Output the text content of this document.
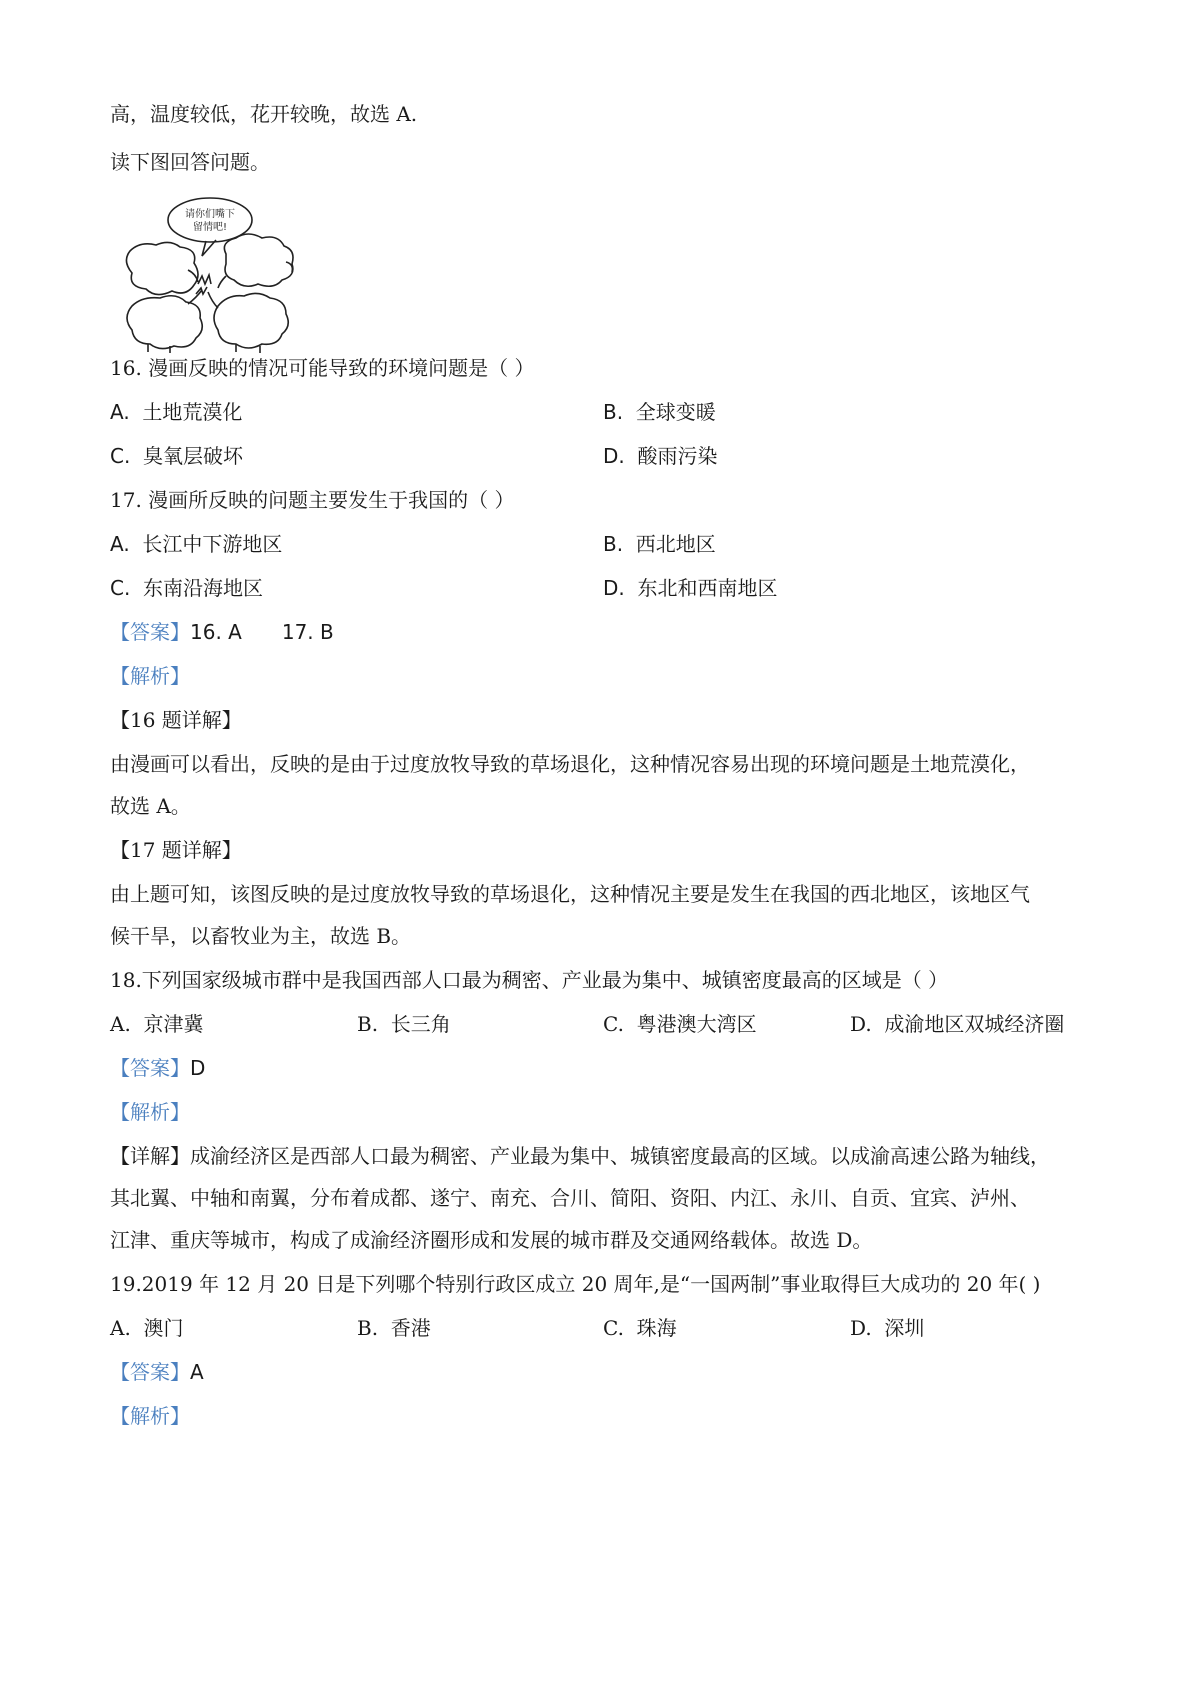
高，温度较低，花开较晚，故选 A.
读下图回答问题。
请你们嘴下
留情吧!
16. 漫画反映的情况可能导致的环境问题是（ ）
A. 土地荒漠化	B. 全球变暖
C. 臭氧层破坏	D. 酸雨污染
17. 漫画所反映的问题主要发生于我国的（ ）
A. 长江中下游地区	B. 西北地区
C. 东南沿海地区	D. 东北和西南地区
【答案】16. A 17. B
【解析】
【16 题详解】
由漫画可以看出，反映的是由于过度放牧导致的草场退化，这种情况容易出现的环境问题是土地荒漠化，
故选 A。
【17 题详解】
由上题可知，该图反映的是过度放牧导致的草场退化，这种情况主要是发生在我国的西北地区，该地区气
候干旱，以畜牧业为主，故选 B。
18.下列国家级城市群中是我国西部人口最为稠密、产业最为集中、城镇密度最高的区域是（ ）
A. 京津冀	B. 长三角	C. 粤港澳大湾区	D. 成渝地区双城经济圈
【答案】D
【解析】
【详解】成渝经济区是西部人口最为稠密、产业最为集中、城镇密度最高的区域。以成渝高速公路为轴线，
其北翼、中轴和南翼，分布着成都、遂宁、南充、合川、简阳、资阳、内江、永川、自贡、宜宾、泸州、
江津、重庆等城市，构成了成渝经济圈形成和发展的城市群及交通网络载体。故选 D。
19.2019 年 12 月 20 日是下列哪个特别行政区成立 20 周年,是“一国两制”事业取得巨大成功的 20 年( )
A. 澳门	B. 香港	C. 珠海	D. 深圳
【答案】A
【解析】
